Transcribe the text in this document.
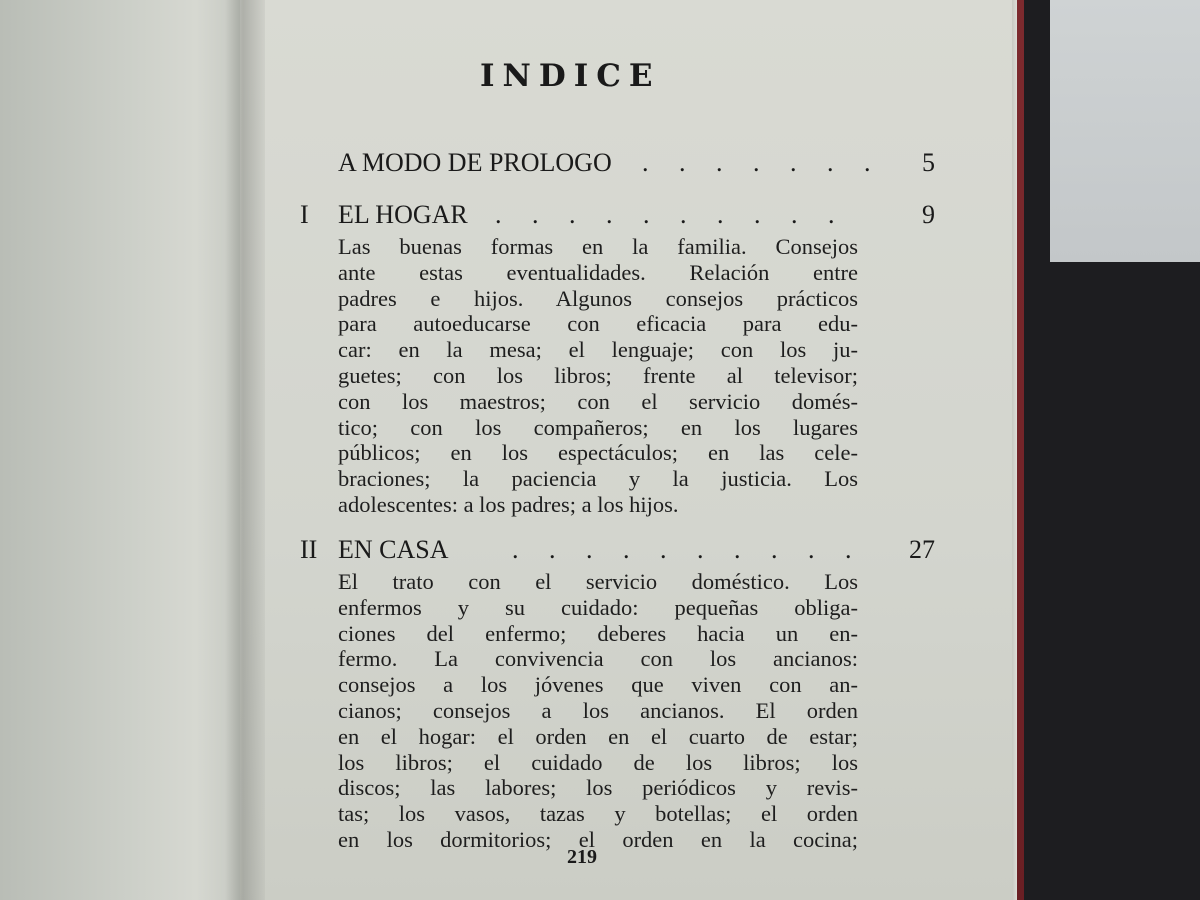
INDICE
A MODO DE PROLOGO . . . . . . . 5
I	EL HOGAR . . . . . . . . . .	9
Las buenas formas en la familia. Consejos
ante estas eventualidades. Relación entre
padres e hijos. Algunos consejos prácticos
para autoeducarse con eficacia para edu-
car: en la mesa; el lenguaje; con los ju-
guetes; con los libros; frente al televisor;
con los maestros; con el servicio domés-
tico; con los compañeros; en los lugares
públicos; en los espectáculos; en las cele-
braciones; la paciencia y la justicia. Los
adolescentes: a los padres; a los hijos.
II EN CASA . . . . . . . . . . 27
El trato con el servicio doméstico. Los
enfermos y su cuidado: pequeñas obliga-
ciones del enfermo; deberes hacia un en-
fermo. La convivencia con los ancianos:
consejos a los jóvenes que viven con an-
cianos; consejos a los ancianos. El orden
en el hogar: el orden en el cuarto de estar;
los libros; el cuidado de los libros; los
discos; las labores; los periódicos y revis-
tas; los vasos, tazas y botellas; el orden
en los dormitorios; el orden en la cocina;
219
